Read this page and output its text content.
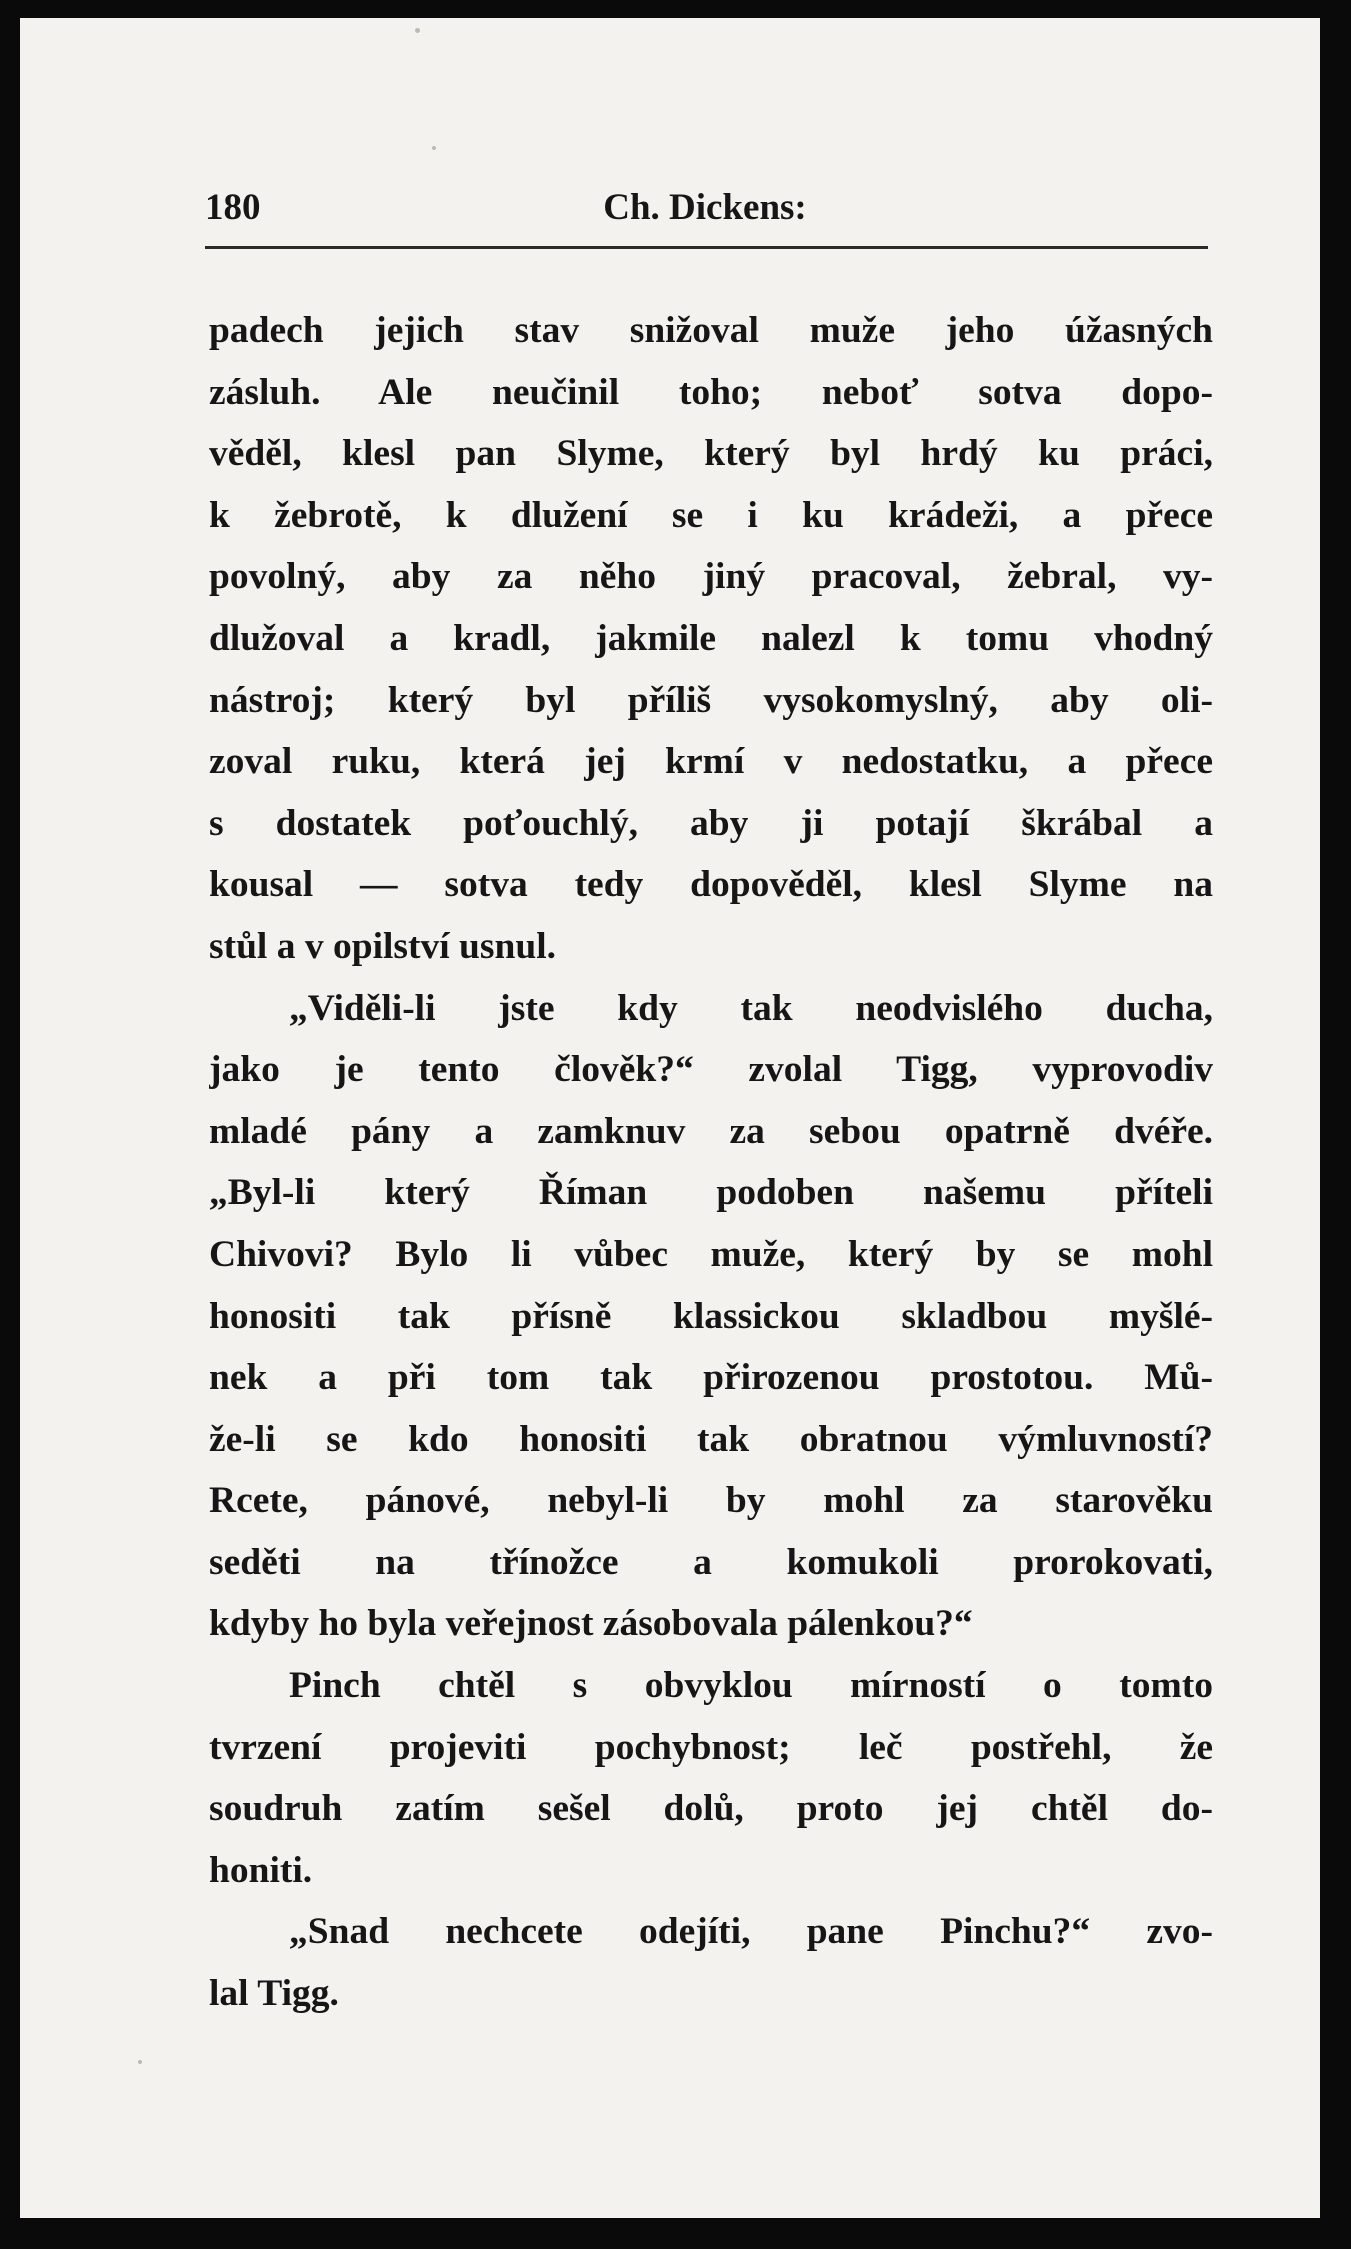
180	Ch. Dickens:
padech jejich stav snižoval muže jeho úžasných
zásluh. Ale neučinil toho; neboť sotva dopo-
věděl, klesl pan Slyme, který byl hrdý ku práci,
k žebrotě, k dlužení se i ku krádeži, a přece
povolný, aby za něho jiný pracoval, žebral, vy-
dlužoval a kradl, jakmile nalezl k tomu vhodný
nástroj; který byl příliš vysokomyslný, aby oli-
zoval ruku, která jej krmí v nedostatku, a přece
s dostatek poťouchlý, aby ji potají škrábal a
kousal — sotva tedy dopověděl, klesl Slyme na
stůl a v opilství usnul.
„Viděli-li jste kdy tak neodvislého ducha,
jako je tento člověk?“ zvolal Tigg, vyprovodiv
mladé pány a zamknuv za sebou opatrně dvéře.
„Byl-li který Říman podoben našemu příteli
Chivovi? Bylo li vůbec muže, který by se mohl
honositi tak přísně klassickou skladbou myšlé-
nek a při tom tak přirozenou prostotou. Mů-
že-li se kdo honositi tak obratnou výmluvností?
Rcete, pánové, nebyl-li by mohl za starověku
seděti na třínožce a komukoli prorokovati,
kdyby ho byla veřejnost zásobovala pálenkou?“
Pinch chtěl s obvyklou mírností o tomto
tvrzení projeviti pochybnost; leč postřehl, že
soudruh zatím sešel dolů, proto jej chtěl do-
honiti.
„Snad nechcete odejíti, pane Pinchu?“ zvo-
lal Tigg.
